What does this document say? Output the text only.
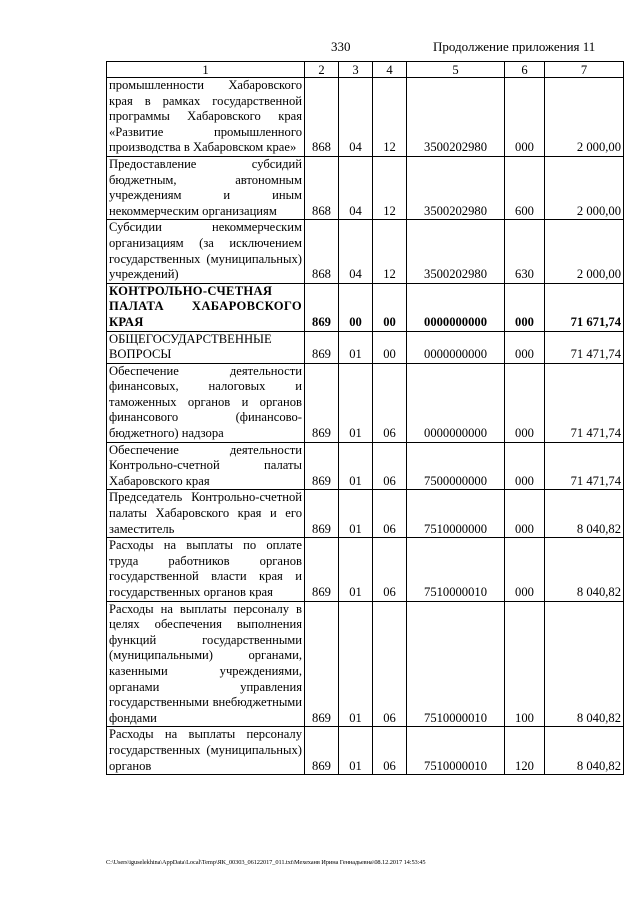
330	Продолжение приложения 11
1	2	3	4	5	6	7
промышленности Хабаровского края в рамках государственной программы Хабаровского края «Развитие промышленного производства в Хабаровском крае»	868	04	12	3500202980	000	2 000,00
Предоставление субсидий бюджетным, автономным учреждениям и иным некоммерческим организациям	868	04	12	3500202980	600	2 000,00
Субсидии некоммерческим организациям (за исключением государственных (муниципальных) учреждений)	868	04	12	3500202980	630	2 000,00
КОНТРОЛЬНО-СЧЕТНАЯ ПАЛАТА ХАБАРОВСКОГО КРАЯ	869	00	00	0000000000	000	71 671,74
ОБЩЕГОСУДАРСТВЕННЫЕ ВОПРОСЫ	869	01	00	0000000000	000	71 471,74
Обеспечение деятельности финансовых, налоговых и таможенных органов и органов финансового (финансово-бюджетного) надзора	869	01	06	0000000000	000	71 471,74
Обеспечение деятельности Контрольно-счетной палаты Хабаровского края	869	01	06	7500000000	000	71 471,74
Председатель Контрольно-счетной палаты Хабаровского края и его заместитель	869	01	06	7510000000	000	8 040,82
Расходы на выплаты по оплате труда работников органов государственной власти края и государственных органов края	869	01	06	7510000010	000	8 040,82
Расходы на выплаты персоналу в целях обеспечения выполнения функций государственными (муниципальными) органами, казенными учреждениями, органами управления государственными внебюджетными фондами	869	01	06	7510000010	100	8 040,82
Расходы на выплаты персоналу государственных (муниципальных) органов	869	01	06	7510000010	120	8 040,82
C:\Users\iguselekhina\AppData\Local\Temp\ЯК_00303_06122017_011.txt\Мехеханв Ирина Геннадьевна\08.12.2017 14:53:45
